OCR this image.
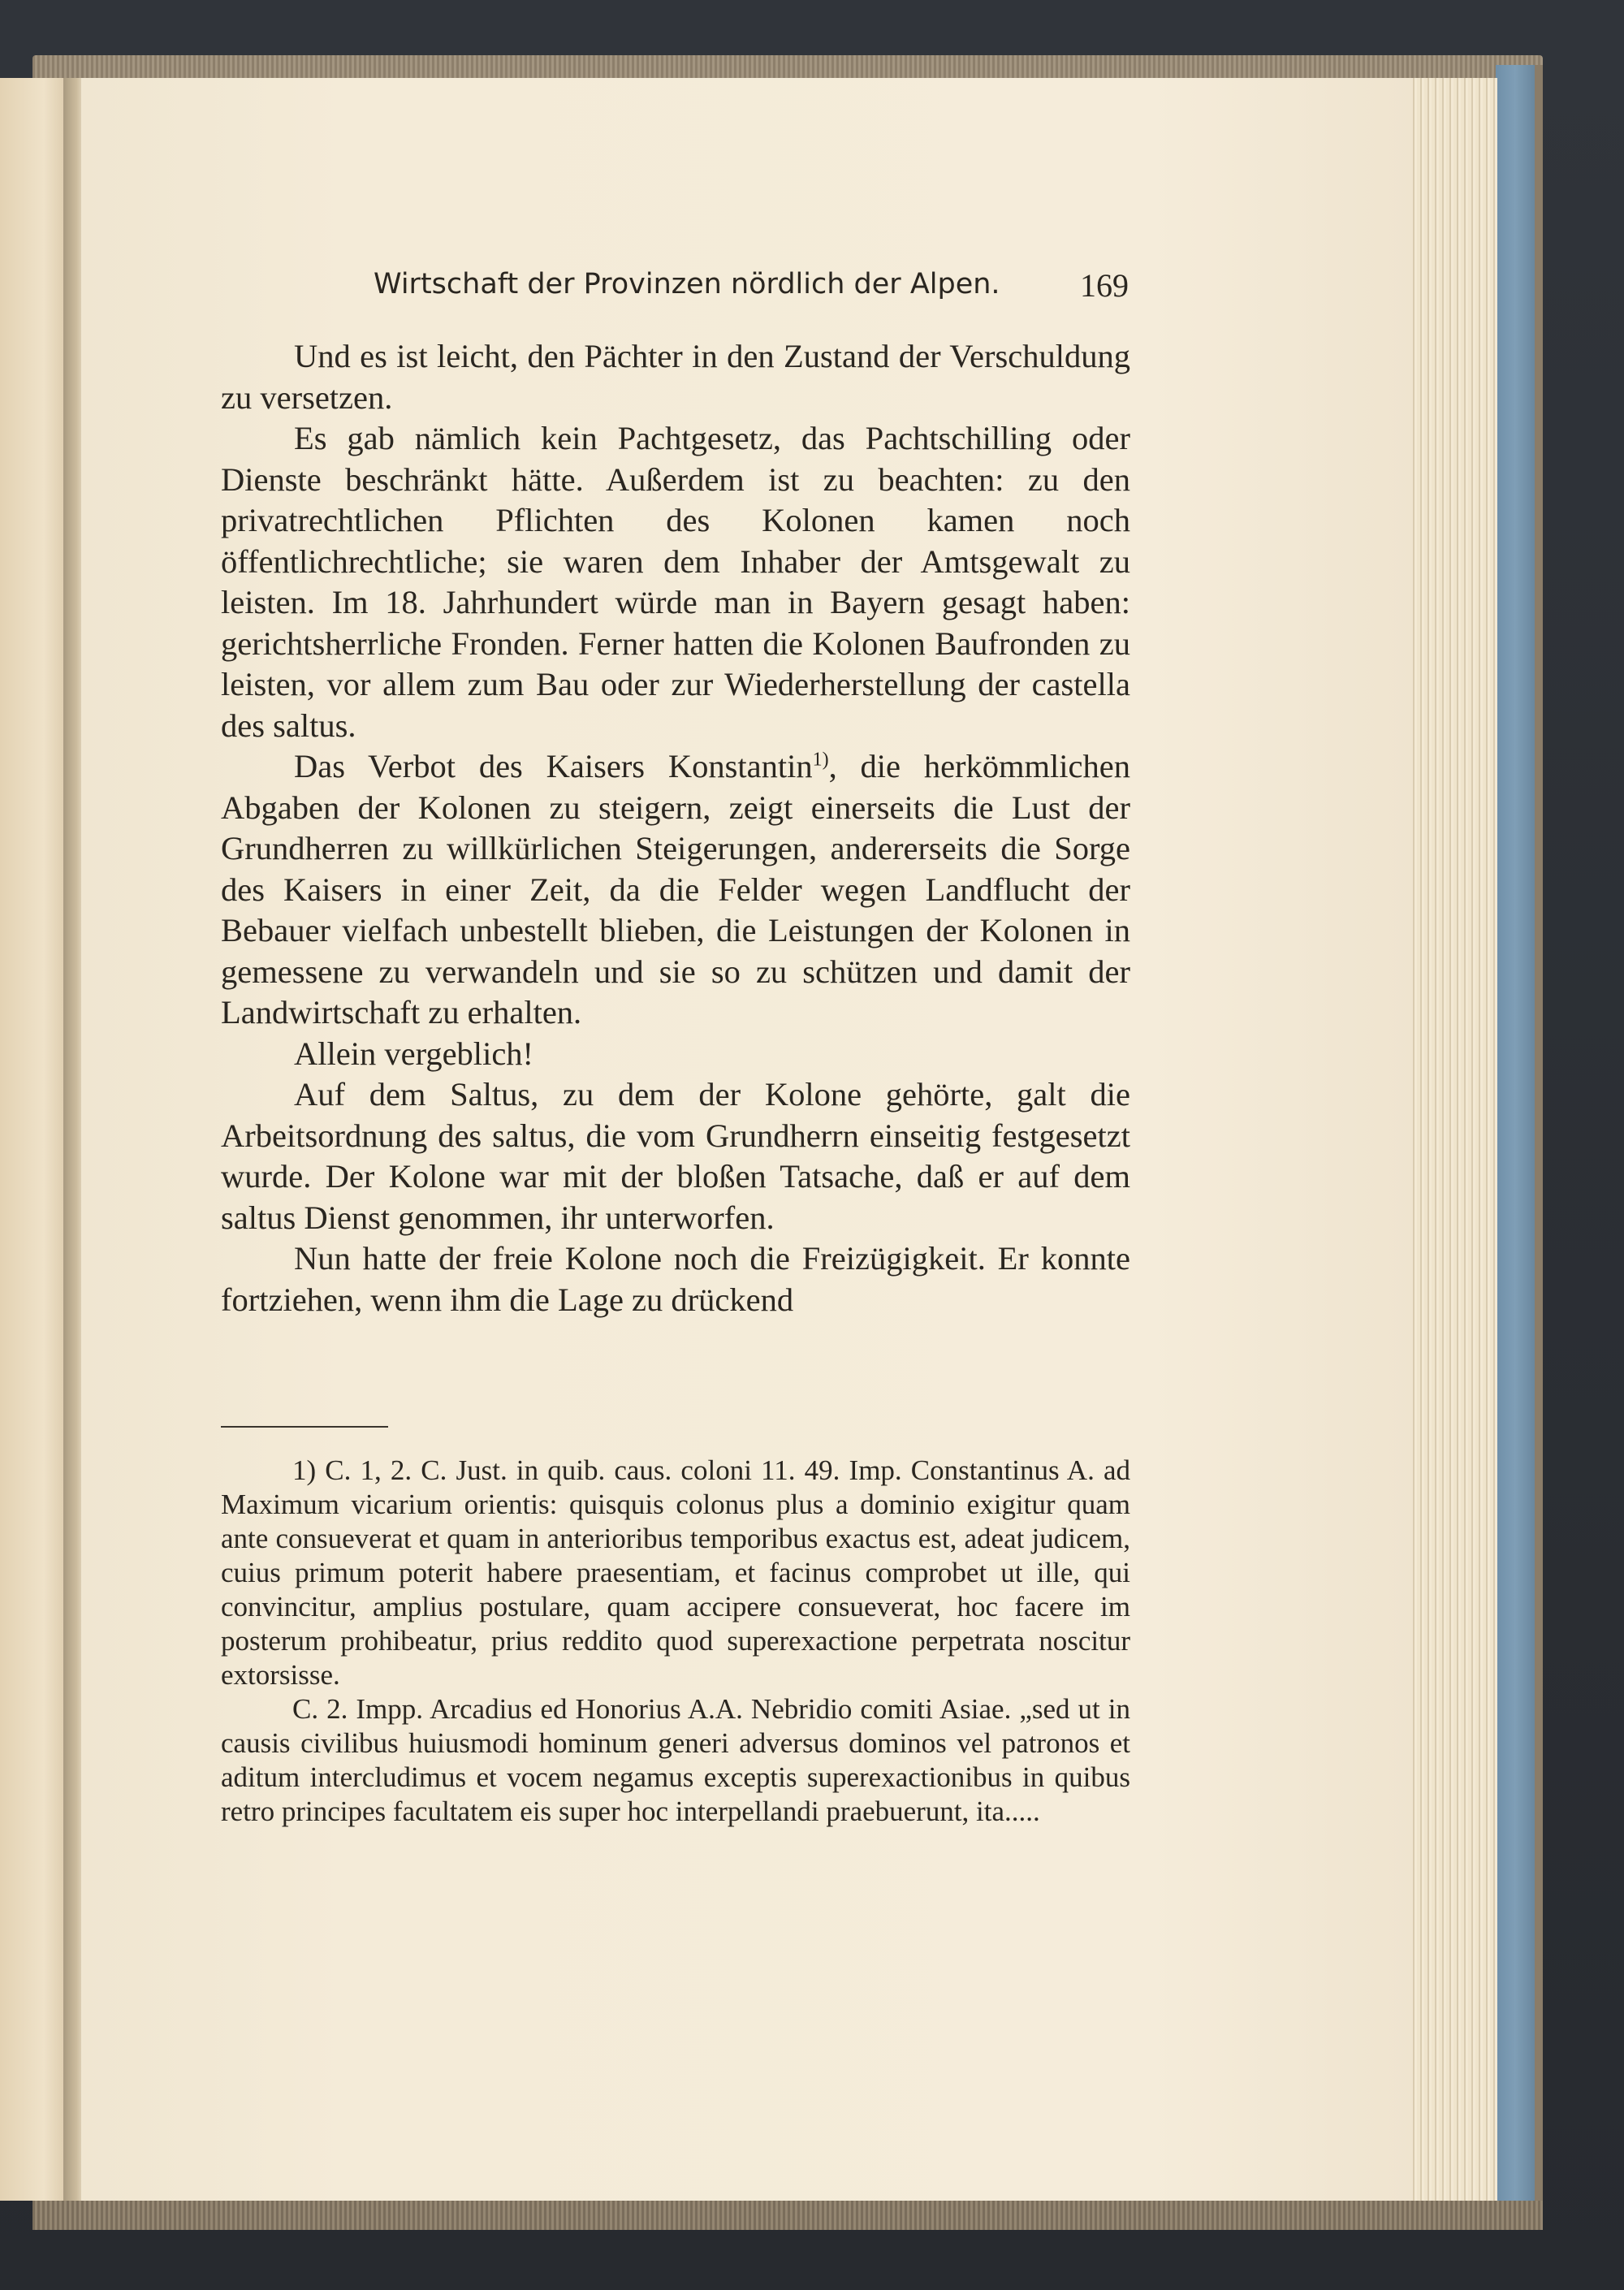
Wirtschaft der Provinzen nördlich der Alpen. 169

Und es ist leicht, den Pächter in den Zustand der Verschuldung zu versetzen.

Es gab nämlich kein Pachtgesetz, das Pachtschilling oder Dienste beschränkt hätte. Außerdem ist zu beachten: zu den privatrechtlichen Pflichten des Kolonen kamen noch öffentlichrechtliche; sie waren dem Inhaber der Amtsgewalt zu leisten. Im 18. Jahrhundert würde man in Bayern gesagt haben: gerichtsherrliche Fronden. Ferner hatten die Kolonen Baufronden zu leisten, vor allem zum Bau oder zur Wiederherstellung der castella des saltus.

Das Verbot des Kaisers Konstantin$^{1)}$, die herkömmlichen Abgaben der Kolonen zu steigern, zeigt einerseits die Lust der Grundherren zu willkürlichen Steigerungen, andererseits die Sorge des Kaisers in einer Zeit, da die Felder wegen Landflucht der Bebauer vielfach unbestellt blieben, die Leistungen der Kolonen in gemessene zu verwandeln und sie so zu schützen und damit der Landwirtschaft zu erhalten.

Allein vergeblich!

Auf dem Saltus, zu dem der Kolone gehörte, galt die Arbeitsordnung des saltus, die vom Grundherrn einseitig festgesetzt wurde. Der Kolone war mit der bloßen Tatsache, daß er auf dem saltus Dienst genommen, ihr unterworfen.

Nun hatte der freie Kolone noch die Freizügigkeit. Er konnte fortziehen, wenn ihm die Lage zu drückend

1) C. 1, 2. C. Just. in quib. caus. coloni 11. 49. Imp. Constantinus A. ad Maximum vicarium orientis: quisquis colonus plus a dominio exigitur quam ante consueverat et quam in anterioribus temporibus exactus est, adeat judicem, cuius primum poterit habere praesentiam, et facinus comprobet ut ille, qui convincitur, amplius postulare, quam accipere consueverat, hoc facere im posterum prohibeatur, prius reddito quod superexactione perpetrata noscitur extorsisse.

C. 2. Impp. Arcadius ed Honorius A.A. Nebridio comiti Asiae. „sed ut in causis civilibus huiusmodi hominum generi adversus dominos vel patronos et aditum intercludimus et vocem negamus exceptis superexactionibus in quibus retro principes facultatem eis super hoc interpellandi praebuerunt, ita.....
